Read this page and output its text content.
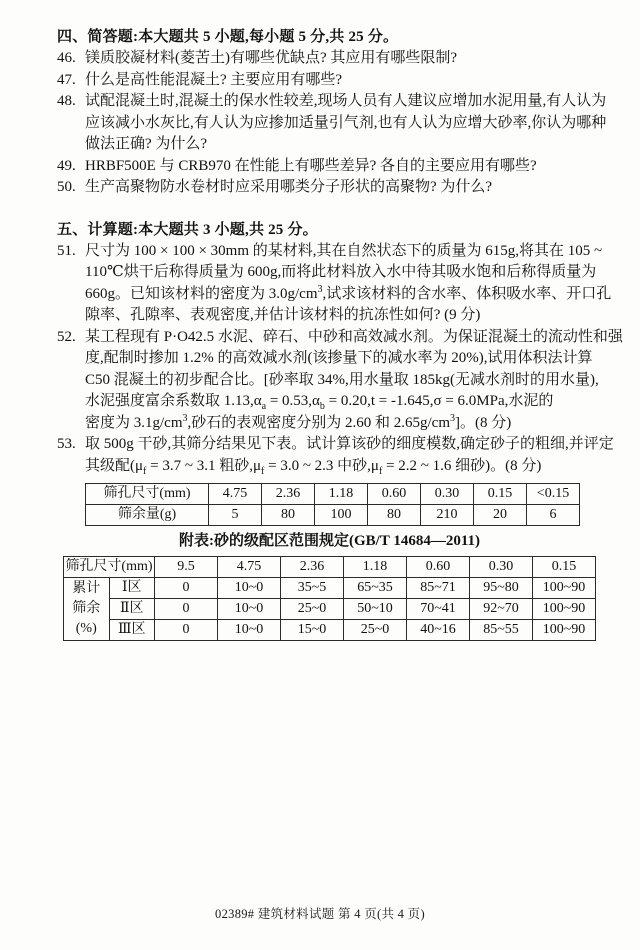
四、简答题:本大题共 5 小题,每小题 5 分,共 25 分。
46. 镁质胶凝材料(菱苦土)有哪些优缺点? 其应用有哪些限制?
47. 什么是高性能混凝土? 主要应用有哪些?
48. 试配混凝土时,混凝土的保水性较差,现场人员有人建议应增加水泥用量,有人认为
应该减小水灰比,有人认为应掺加适量引气剂,也有人认为应增大砂率,你认为哪种
做法正确? 为什么?
49. HRBF500E 与 CRB970 在性能上有哪些差异? 各自的主要应用有哪些?
50. 生产高聚物防水卷材时应采用哪类分子形状的高聚物? 为什么?
五、计算题:本大题共 3 小题,共 25 分。
51. 尺寸为 100 × 100 × 30mm 的某材料,其在自然状态下的质量为 615g,将其在 105 ~
110℃烘干后称得质量为 600g,而将此材料放入水中待其吸水饱和后称得质量为
660g。已知该材料的密度为 $3.0g/cm^3$,试求该材料的含水率、体积吸水率、开口孔
隙率、孔隙率、表观密度,并估计该材料的抗冻性如何? (9 分)
52. 某工程现有 P·O42.5 水泥、碎石、中砂和高效减水剂。为保证混凝土的流动性和强
度,配制时掺加 1.2% 的高效减水剂(该掺量下的减水率为 20%),试用体积法计算
C50 混凝土的初步配合比。[砂率取 34%,用水量取 185kg(无减水剂时的用水量),
水泥强度富余系数取 $1.13,\alpha_a = 0.53,\alpha_b = 0.20,t = -1.645,\sigma = 6.0MPa$,水泥的
密度为 $3.1g/cm^3$,砂石的表观密度分别为 2.60 和 $2.65g/cm^3$]。(8 分)
53. 取 500g 干砂,其筛分结果见下表。试计算该砂的细度模数,确定砂子的粗细,并评定
其级配($\mu_f = 3.7$ ~ 3.1 粗砂$,\mu_f = 3.0$ ~ 2.3 中砂$,\mu_f = 2.2$ ~ 1.6 细砂)。(8 分)
筛孔尺寸(mm)	4.75	2.36	1.18	0.60	0.30	0.15	<0.15
筛余量(g)	5	80	100	80	210	20	6
附表:砂的级配区范围规定(GB/T 14684—2011)
筛孔尺寸(mm)		9.5	4.75	2.36	1.18	0.60	0.30	0.15

累计
筛余
(%)	Ⅰ区	0	10~0	35~5	65~35	85~71	95~80	100~90
	Ⅱ区	0	10~0	25~0	50~10	70~41	92~70	100~90
	Ⅲ区	0	10~0	15~0	25~0	40~16	85~55	100~90
02389# 建筑材料试题 第 4 页(共 4 页)
